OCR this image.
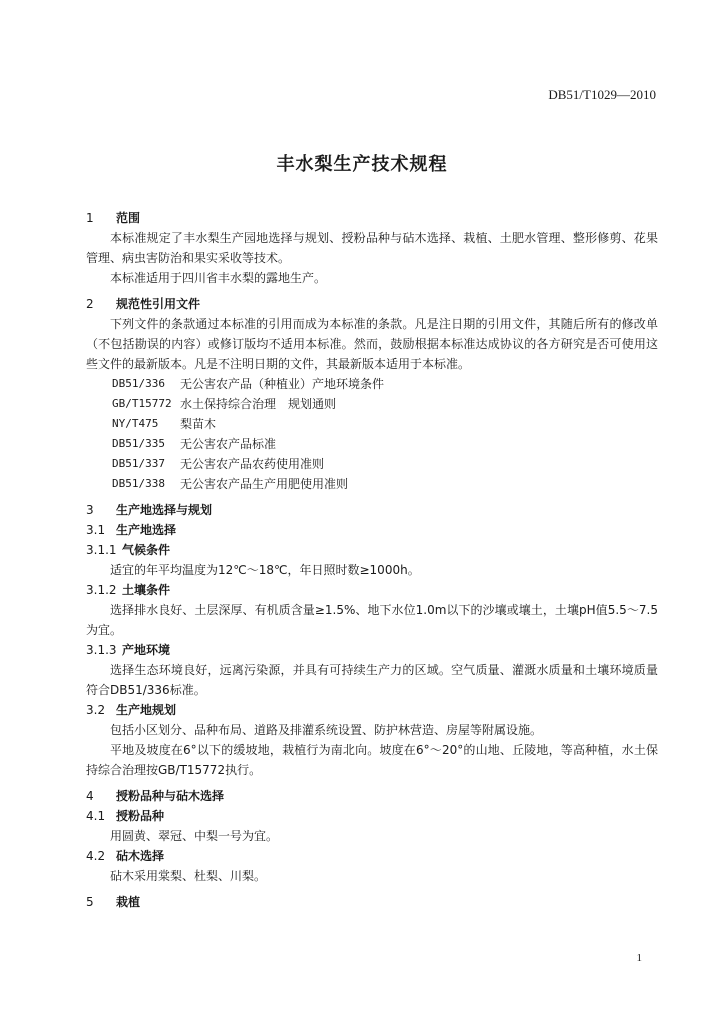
DB51/T1029—2010
丰水梨生产技术规程
1 范围
本标准规定了丰水梨生产园地选择与规划、授粉品种与砧木选择、栽植、土肥水管理、整形修剪、花果管理、病虫害防治和果实采收等技术。
本标准适用于四川省丰水梨的露地生产。
2 规范性引用文件
下列文件的条款通过本标准的引用而成为本标准的条款。凡是注日期的引用文件，其随后所有的修改单（不包括勘误的内容）或修订版均不适用本标准。然而，鼓励根据本标准达成协议的各方研究是否可使用这些文件的最新版本。凡是不注明日期的文件，其最新版本适用于本标准。
DB51/336	无公害农产品（种植业）产地环境条件
GB/T15772 水土保持综合治理　规划通则
NY/T475	梨苗木
DB51/335	无公害农产品标准
DB51/337	无公害农产品农药使用准则
DB51/338	无公害农产品生产用肥使用准则
3 生产地选择与规划
3.1 生产地选择
3.1.1 气候条件
适宜的年平均温度为12℃～18℃，年日照时数≥1000h。
3.1.2 土壤条件
选择排水良好、土层深厚、有机质含量≥1.5%、地下水位1.0m以下的沙壤或壤土，土壤pH值5.5～7.5为宜。
3.1.3 产地环境
选择生态环境良好，远离污染源，并具有可持续生产力的区域。空气质量、灌溉水质量和土壤环境质量符合DB51/336标准。
3.2 生产地规划
包括小区划分、品种布局、道路及排灌系统设置、防护林营造、房屋等附属设施。
平地及坡度在6°以下的缓坡地，栽植行为南北向。坡度在6°～20°的山地、丘陵地，等高种植，水土保持综合治理按GB/T15772执行。
4 授粉品种与砧木选择
4.1 授粉品种
用圆黄、翠冠、中梨一号为宜。
4.2 砧木选择
砧木采用棠梨、杜梨、川梨。
5 栽植
1
